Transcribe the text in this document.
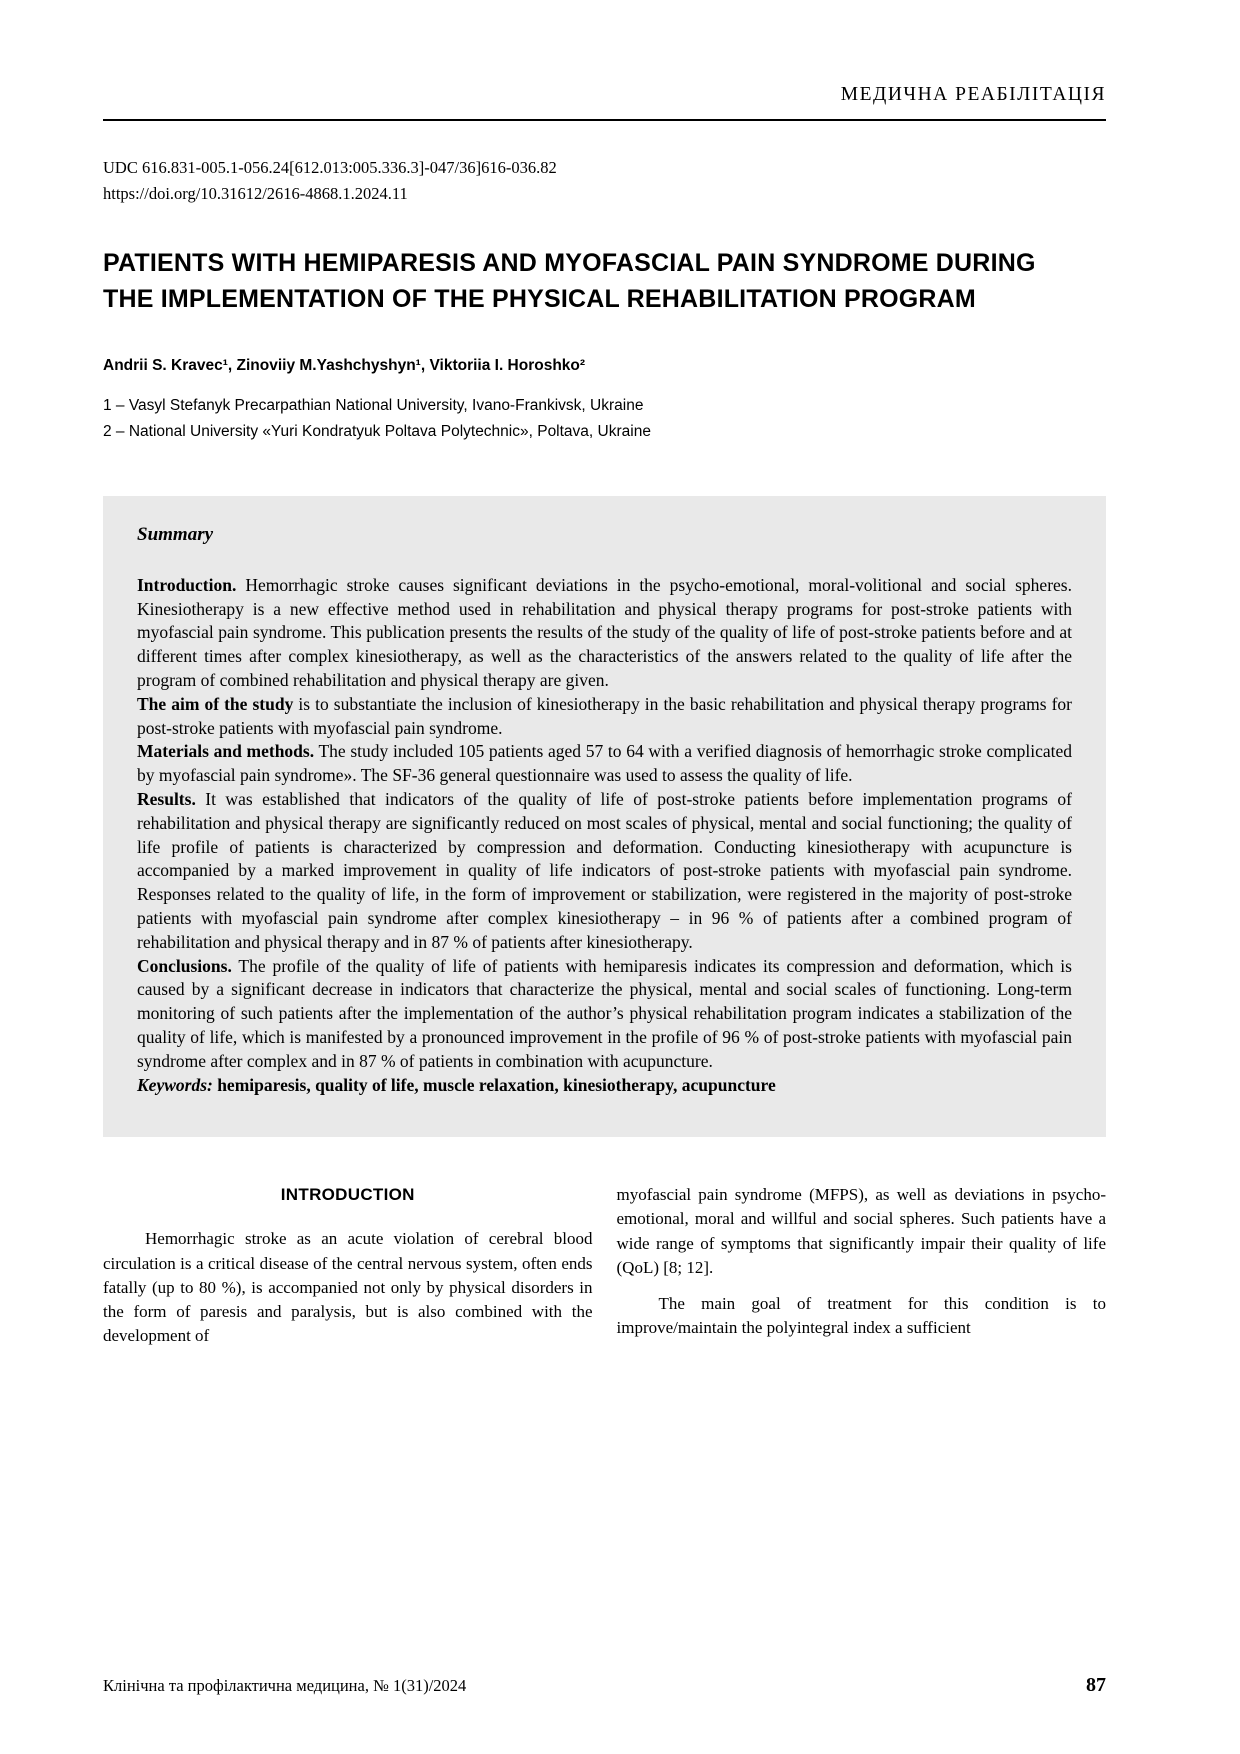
МЕДИЧНА РЕАБІЛІТАЦІЯ
UDC 616.831-005.1-056.24[612.013:005.336.3]-047/36]616-036.82
https://doi.org/10.31612/2616-4868.1.2024.11
PATIENTS WITH HEMIPARESIS AND MYOFASCIAL PAIN SYNDROME DURING THE IMPLEMENTATION OF THE PHYSICAL REHABILITATION PROGRAM
Andrii S. Kravec¹, Zinoviiy M.Yashchyshyn¹, Viktoriia I. Horoshko²
1 – Vasyl Stefanyk Precarpathian National University, Ivano-Frankivsk, Ukraine
2 – National University «Yuri Kondratyuk Poltava Polytechnic», Poltava, Ukraine
Summary

Introduction. Hemorrhagic stroke causes significant deviations in the psycho-emotional, moral-volitional and social spheres. Kinesiotherapy is a new effective method used in rehabilitation and physical therapy programs for post-stroke patients with myofascial pain syndrome. This publication presents the results of the study of the quality of life of post-stroke patients before and at different times after complex kinesiotherapy, as well as the characteristics of the answers related to the quality of life after the program of combined rehabilitation and physical therapy are given.

The aim of the study is to substantiate the inclusion of kinesiotherapy in the basic rehabilitation and physical therapy programs for post-stroke patients with myofascial pain syndrome.

Materials and methods. The study included 105 patients aged 57 to 64 with a verified diagnosis of hemorrhagic stroke complicated by myofascial pain syndrome». The SF-36 general questionnaire was used to assess the quality of life.

Results. It was established that indicators of the quality of life of post-stroke patients before implementation programs of rehabilitation and physical therapy are significantly reduced on most scales of physical, mental and social functioning; the quality of life profile of patients is characterized by compression and deformation. Conducting kinesiotherapy with acupuncture is accompanied by a marked improvement in quality of life indicators of post-stroke patients with myofascial pain syndrome. Responses related to the quality of life, in the form of improvement or stabilization, were registered in the majority of post-stroke patients with myofascial pain syndrome after complex kinesiotherapy – in 96 % of patients after a combined program of rehabilitation and physical therapy and in 87 % of patients after kinesiotherapy.

Conclusions. The profile of the quality of life of patients with hemiparesis indicates its compression and deformation, which is caused by a significant decrease in indicators that characterize the physical, mental and social scales of functioning. Long-term monitoring of such patients after the implementation of the author’s physical rehabilitation program indicates a stabilization of the quality of life, which is manifested by a pronounced improvement in the profile of 96 % of post-stroke patients with myofascial pain syndrome after complex and in 87 % of patients in combination with acupuncture.

Keywords: hemiparesis, quality of life, muscle relaxation, kinesiotherapy, acupuncture

INTRODUCTION

Hemorrhagic stroke as an acute violation of cerebral blood circulation is a critical disease of the central nervous system, often ends fatally (up to 80 %), is accompanied not only by physical disorders in the form of paresis and paralysis, but is also combined with the development of

myofascial pain syndrome (MFPS), as well as deviations in psycho-emotional, moral and willful and social spheres. Such patients have a wide range of symptoms that significantly impair their quality of life (QoL) [8; 12].

The main goal of treatment for this condition is to improve/maintain the polyintegral index a sufficient

Клінічна та профілактична медицина, № 1(31)/2024	87
